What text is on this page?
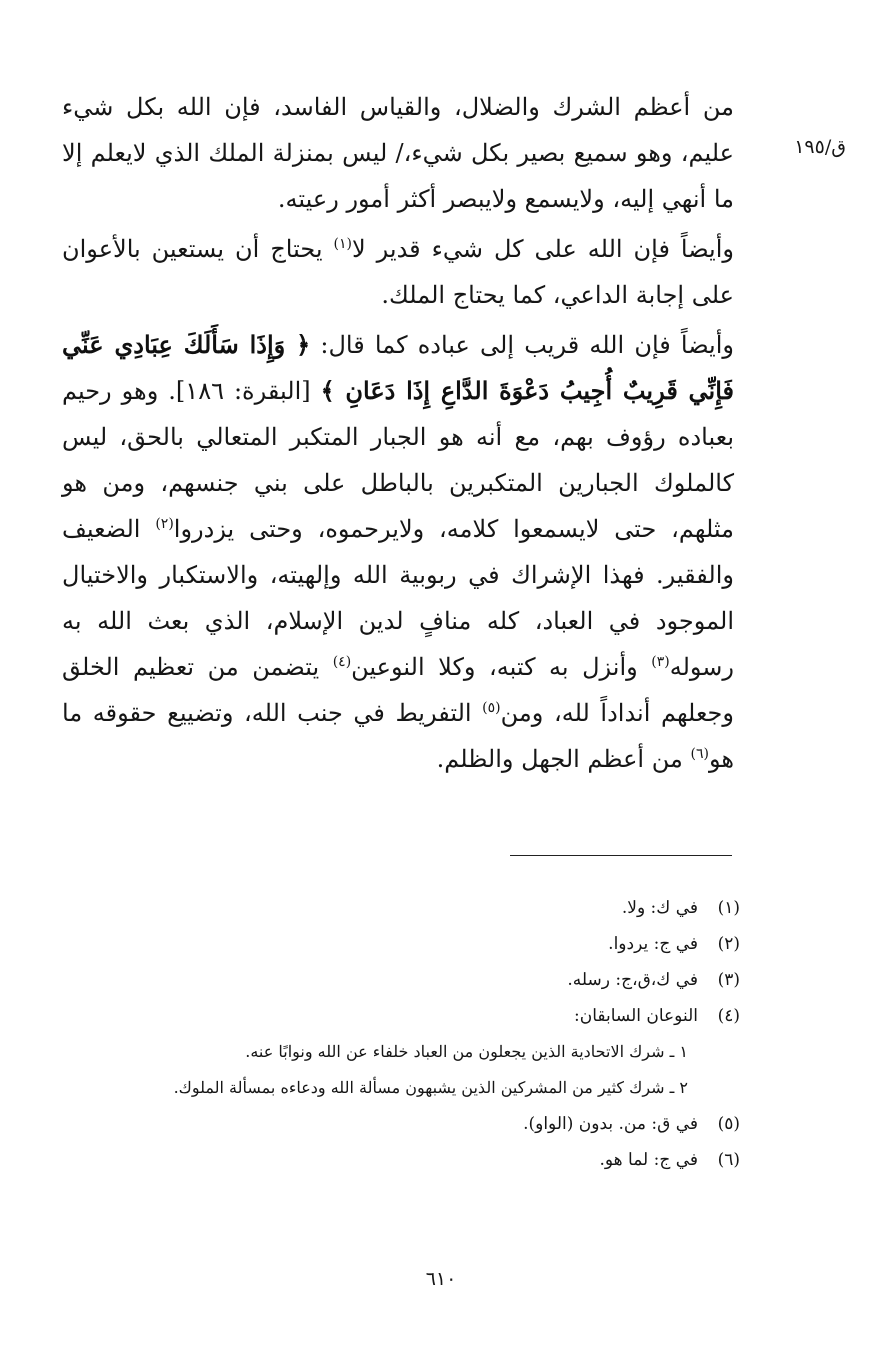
ق/١٩٥

من أعظم الشرك والضلال، والقياس الفاسد، فإن الله بكل شيء عليم، وهو سميع بصير بكل شيء،/ ليس بمنزلة الملك الذي لايعلم إلا ما أنهي إليه، ولايسمع ولايبصر أكثر أمور رعيته.

وأيضاً فإن الله على كل شيء قدير لا$^{(١)}$ يحتاج أن يستعين بالأعوان على إجابة الداعي، كما يحتاج الملك.

وأيضاً فإن الله قريب إلى عباده كما قال: ﴿ وَإِذَا سَأَلَكَ عِبَادِي عَنِّي فَإِنِّي قَرِيبٌ أُجِيبُ دَعْوَةَ الدَّاعِ إِذَا دَعَانِ ﴾ [البقرة: ١٨٦]. وهو رحيم بعباده رؤوف بهم، مع أنه هو الجبار المتكبر المتعالي بالحق، ليس كالملوك الجبارين المتكبرين بالباطل على بني جنسهم، ومن هو مثلهم، حتى لايسمعوا كلامه، ولايرحموه، وحتى يزدروا$^{(٢)}$ الضعيف والفقير. فهذا الإشراك في ربوبية الله وإلهيته، والاستكبار والاختيال الموجود في العباد، كله منافٍ لدين الإسلام، الذي بعث الله به رسوله$^{(٣)}$ وأنزل به كتبه، وكلا النوعين$^{(٤)}$ يتضمن من تعظيم الخلق وجعلهم أنداداً لله، ومن$^{(٥)}$ التفريط في جنب الله، وتضييع حقوقه ما هو$^{(٦)}$ من أعظم الجهل والظلم.

(١)
في ك: ولا.
(٢)
في ج: يردوا.
(٣)
في ك،ق،ج: رسله.
(٤)
النوعان السابقان:
١ ـ شرك الاتحادية الذين يجعلون من العباد خلفاء عن الله ونوابًا عنه.
٢ ـ شرك كثير من المشركين الذين يشبهون مسألة الله ودعاءه بمسألة الملوك.
(٥)
في ق: من. بدون (الواو).
(٦)
في ج: لما هو.
٦١٠
